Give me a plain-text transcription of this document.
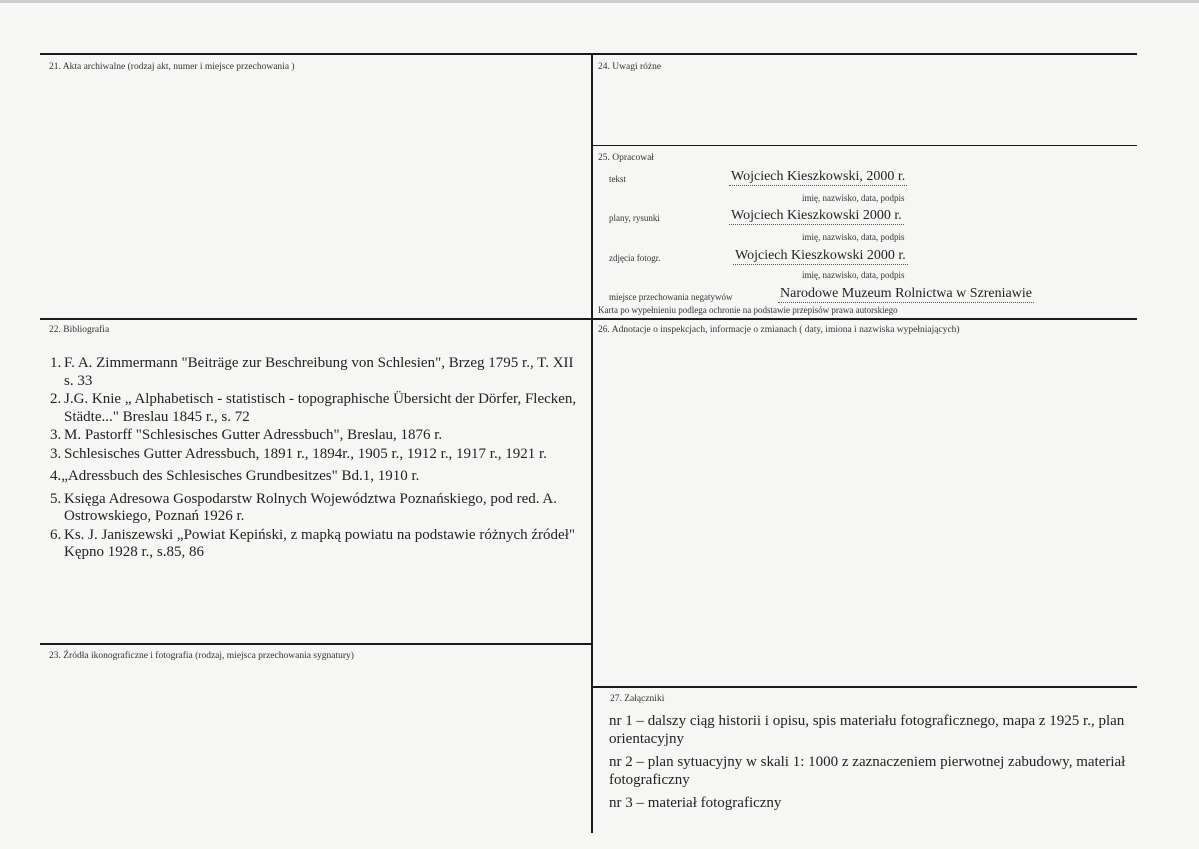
21. Akta archiwalne (rodzaj akt, numer i miejsce przechowania )	24. Uwagi różne
25. Opracował
tekst	Wojciech Kieszkowski, 2000 r.
imię, nazwisko, data, podpis
plany, rysunki	Wojciech Kieszkowski 2000 r.
imię, nazwisko, data, podpis
zdjęcia fotogr.	Wojciech Kieszkowski 2000 r.
imię, nazwisko, data, podpis
miejsce przechowania negatywów	Narodowe Muzeum Rolnictwa w Szreniawie
Karta po wypełnieniu podlega ochronie na podstawie przepisów prawa autorskiego
22. Bibliografia
1. F. A. Zimmermann "Beiträge zur Beschreibung von Schlesien", Brzeg 1795 r., T. XII s. 33
2. J.G. Knie „ Alphabetisch - statistisch - topographische Übersicht der Dörfer, Flecken, Städte..." Breslau 1845 r., s. 72
3. M. Pastorff "Schlesisches Gutter Adressbuch", Breslau, 1876 r.
3. Schlesisches Gutter Adressbuch, 1891 r., 1894r., 1905 r., 1912 r., 1917 r., 1921 r.
4. „Adressbuch des Schlesisches Grundbesitzes" Bd.1, 1910 r.
5. Księga Adresowa Gospodarstw Rolnych Województwa Poznańskiego, pod red. A. Ostrowskiego, Poznań 1926 r.
6. Ks. J. Janiszewski „Powiat Kepiński, z mapką powiatu na podstawie różnych źródeł" Kępno 1928 r., s.85, 86
26. Adnotacje o inspekcjach, informacje o zmianach ( daty, imiona i nazwiska wypełniających)
23. Źródła ikonograficzne i fotografia (rodzaj, miejsca przechowania sygnatury)
27. Załączniki
nr 1 – dalszy ciąg historii i opisu, spis materiału fotograficznego, mapa z 1925 r., plan orientacyjny
nr 2 – plan sytuacyjny w skali 1: 1000 z zaznaczeniem pierwotnej zabudowy, materiał fotograficzny
nr 3 – materiał fotograficzny
